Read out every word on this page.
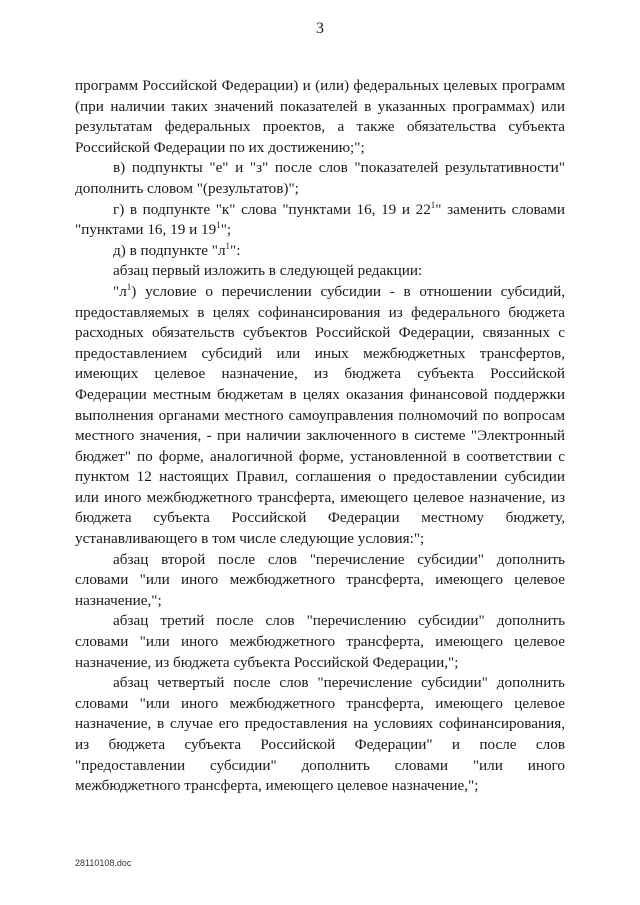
3

программ Российской Федерации) и (или) федеральных целевых программ (при наличии таких значений показателей в указанных программах) или результатам федеральных проектов, а также обязательства субъекта Российской Федерации по их достижению;";

в) подпункты "е" и "з" после слов "показателей результативности" дополнить словом "(результатов)";

г) в подпункте "к" слова "пунктами 16, 19 и $22^1$" заменить словами "пунктами 16, 19 и $19^1$";

д) в подпункте "$л^1$":

абзац первый изложить в следующей редакции:

"$л^1$) условие о перечислении субсидии - в отношении субсидий, предоставляемых в целях софинансирования из федерального бюджета расходных обязательств субъектов Российской Федерации, связанных с предоставлением субсидий или иных межбюджетных трансфертов, имеющих целевое назначение, из бюджета субъекта Российской Федерации местным бюджетам в целях оказания финансовой поддержки выполнения органами местного самоуправления полномочий по вопросам местного значения, - при наличии заключенного в системе "Электронный бюджет" по форме, аналогичной форме, установленной в соответствии с пунктом 12 настоящих Правил, соглашения о предоставлении субсидии или иного межбюджетного трансферта, имеющего целевое назначение, из бюджета субъекта Российской Федерации местному бюджету, устанавливающего в том числе следующие условия:";

абзац второй после слов "перечисление субсидии" дополнить словами "или иного межбюджетного трансферта, имеющего целевое назначение,";

абзац третий после слов "перечислению субсидии" дополнить словами "или иного межбюджетного трансферта, имеющего целевое назначение, из бюджета субъекта Российской Федерации,";

абзац четвертый после слов "перечисление субсидии" дополнить словами "или иного межбюджетного трансферта, имеющего целевое назначение, в случае его предоставления на условиях софинансирования, из бюджета субъекта Российской Федерации" и после слов "предоставлении субсидии" дополнить словами "или иного межбюджетного трансферта, имеющего целевое назначение,";

28110108.doc
